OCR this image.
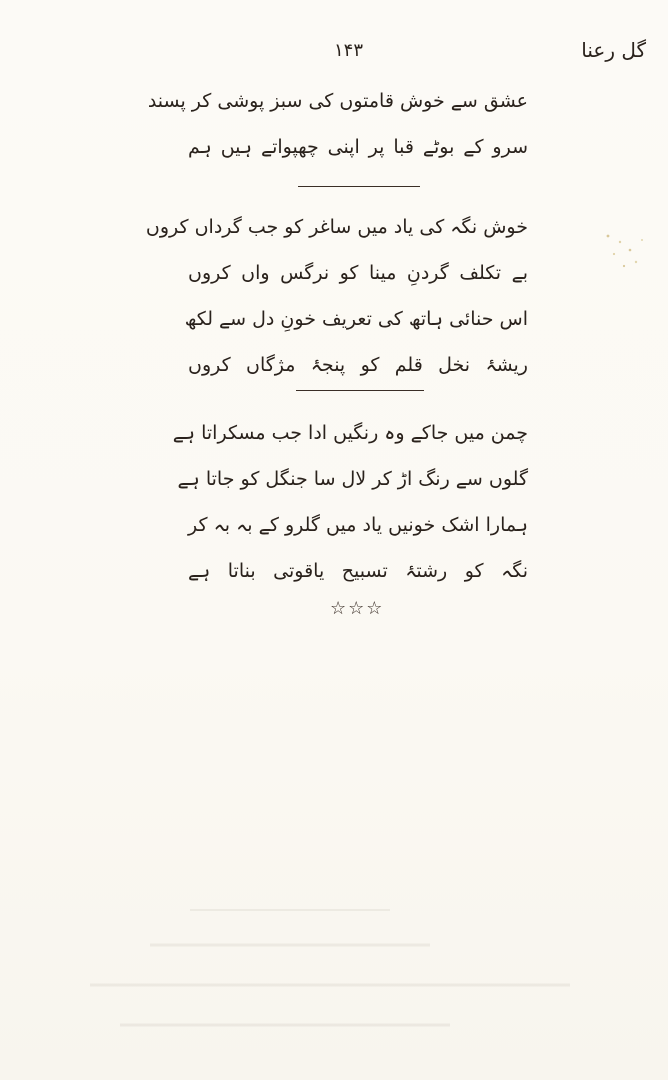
گل رعنا
۱۴۳
عشق سے خوش قامتوں کی سبز پوشی کر پسند
سرو کے بوٹے قبا پر اپنی چھپواتے ہیں ہم
خوش نگہ کی یاد میں ساغر کو جب گرداں کروں
بے تکلف گردنِ مینا کو نرگس واں کروں
اس حنائی ہاتھ کی تعریف خونِ دل سے لکھ
ریشۂ نخل قلم کو پنجۂ مژگاں کروں
چمن میں جاکے وہ رنگیں ادا جب مسکراتا ہے
گلوں سے رنگ اڑ کر لال سا جنگل کو جاتا ہے
ہمارا اشک خونیں یاد میں گلرو کے بہ بہ کر
نگہ کو رشتۂ تسبیح یاقوتی بناتا ہے
☆☆☆
